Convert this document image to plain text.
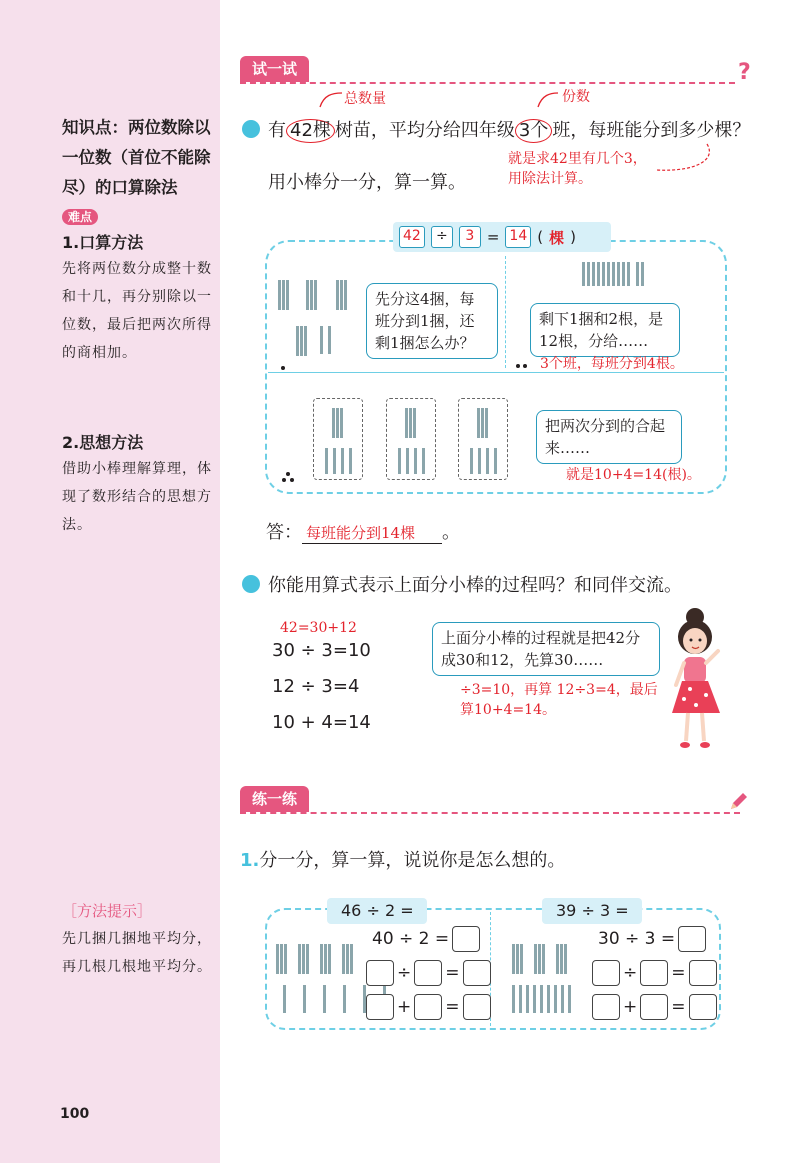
知识点：两位数除以一位数（首位不能除尽）的口算除法 难点
1.口算方法
先将两位数分成整十数和十几，再分别除以一位数，最后把两次所得的商相加。
2.思想方法
借助小棒理解算理，体现了数形结合的思想方法。
［方法提示］
先几捆几捆地平均分，再几根几根地平均分。
100
试一试	?
总数量	份数
有 42棵 树苗，平均分给四年级 3个 班，每班能分到多少棵？
就是求42里有几个3，用除法计算。
用小棒分一分，算一算。
42	÷	3 = 14 ( 棵 )
先分这4捆，每班分到1捆，还剩1捆怎么办？
剩下1捆和2根，是12根，分给……
3个班，每班分到4根。
把两次分到的合起来……
就是10+4=14(根)。
答： 每班能分到14棵 。
你能用算式表示上面分小棒的过程吗？和同伴交流。
42=30+12
30 ÷ 3=10
12 ÷ 3=4
10 + 4=14
上面分小棒的过程就是把42分成30和12，先算30……
÷3=10，再算 12÷3=4，最后算10+4=14。
练一练
1.分一分，算一算，说说你是怎么想的。
46 ÷ 2 =
40 ÷ 2 =
÷ =
+ =
39 ÷ 3 =
30 ÷ 3 =
÷ =
+ =
